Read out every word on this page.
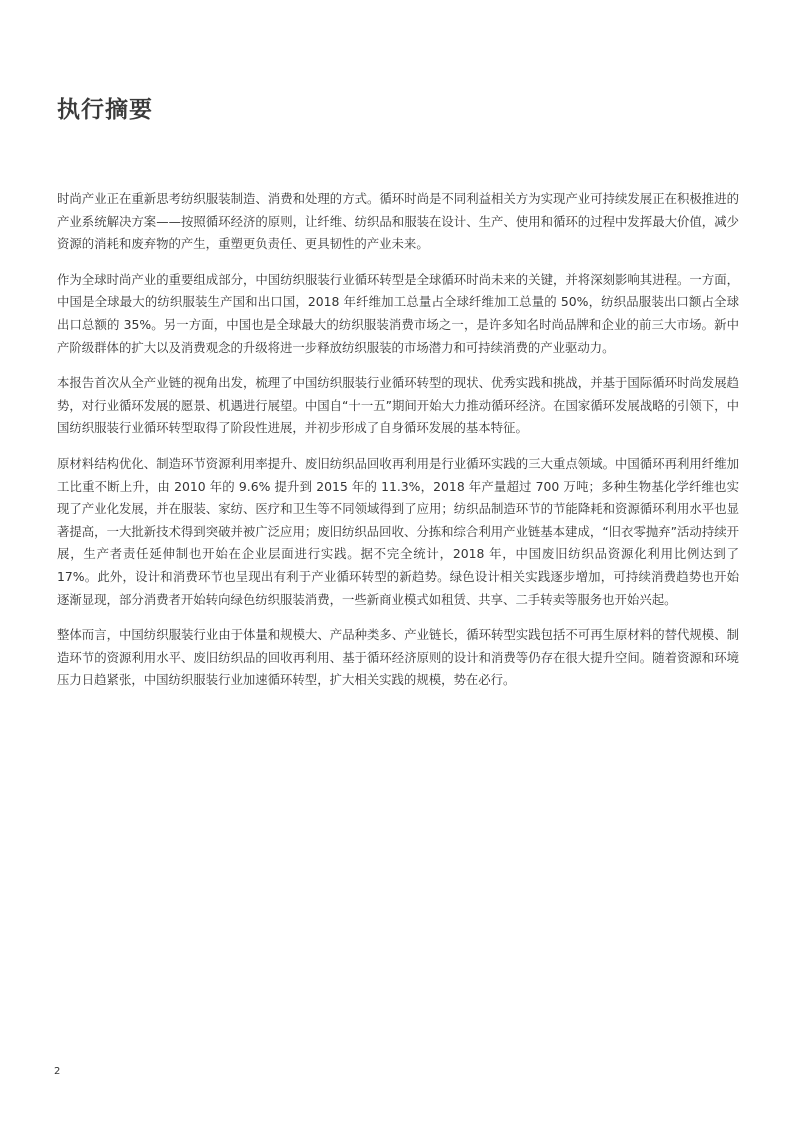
执行摘要

时尚产业正在重新思考纺织服装制造、消费和处理的方式。循环时尚是不同利益相关方为实现产业可持续发展正在积极推进的产业系统解决方案——按照循环经济的原则，让纤维、纺织品和服装在设计、生产、使用和循环的过程中发挥最大价值，减少资源的消耗和废弃物的产生，重塑更负责任、更具韧性的产业未来。

作为全球时尚产业的重要组成部分，中国纺织服装行业循环转型是全球循环时尚未来的关键，并将深刻影响其进程。一方面，中国是全球最大的纺织服装生产国和出口国，2018 年纤维加工总量占全球纤维加工总量的 50%，纺织品服装出口额占全球出口总额的 35%。另一方面，中国也是全球最大的纺织服装消费市场之一，是许多知名时尚品牌和企业的前三大市场。新中产阶级群体的扩大以及消费观念的升级将进一步释放纺织服装的市场潜力和可持续消费的产业驱动力。

本报告首次从全产业链的视角出发，梳理了中国纺织服装行业循环转型的现状、优秀实践和挑战，并基于国际循环时尚发展趋势，对行业循环发展的愿景、机遇进行展望。中国自“十一五”期间开始大力推动循环经济。在国家循环发展战略的引领下，中国纺织服装行业循环转型取得了阶段性进展，并初步形成了自身循环发展的基本特征。

原材料结构优化、制造环节资源利用率提升、废旧纺织品回收再利用是行业循环实践的三大重点领域。中国循环再利用纤维加工比重不断上升，由 2010 年的 9.6% 提升到 2015 年的 11.3%，2018 年产量超过 700 万吨；多种生物基化学纤维也实现了产业化发展，并在服装、家纺、医疗和卫生等不同领域得到了应用；纺织品制造环节的节能降耗和资源循环利用水平也显著提高，一大批新技术得到突破并被广泛应用；废旧纺织品回收、分拣和综合利用产业链基本建成，“旧衣零抛弃”活动持续开展，生产者责任延伸制也开始在企业层面进行实践。据不完全统计，2018 年，中国废旧纺织品资源化利用比例达到了 17%。此外，设计和消费环节也呈现出有利于产业循环转型的新趋势。绿色设计相关实践逐步增加，可持续消费趋势也开始逐渐显现，部分消费者开始转向绿色纺织服装消费，一些新商业模式如租赁、共享、二手转卖等服务也开始兴起。

整体而言，中国纺织服装行业由于体量和规模大、产品种类多、产业链长，循环转型实践包括不可再生原材料的替代规模、制造环节的资源利用水平、废旧纺织品的回收再利用、基于循环经济原则的设计和消费等仍存在很大提升空间。随着资源和环境压力日趋紧张，中国纺织服装行业加速循环转型，扩大相关实践的规模，势在必行。

2
